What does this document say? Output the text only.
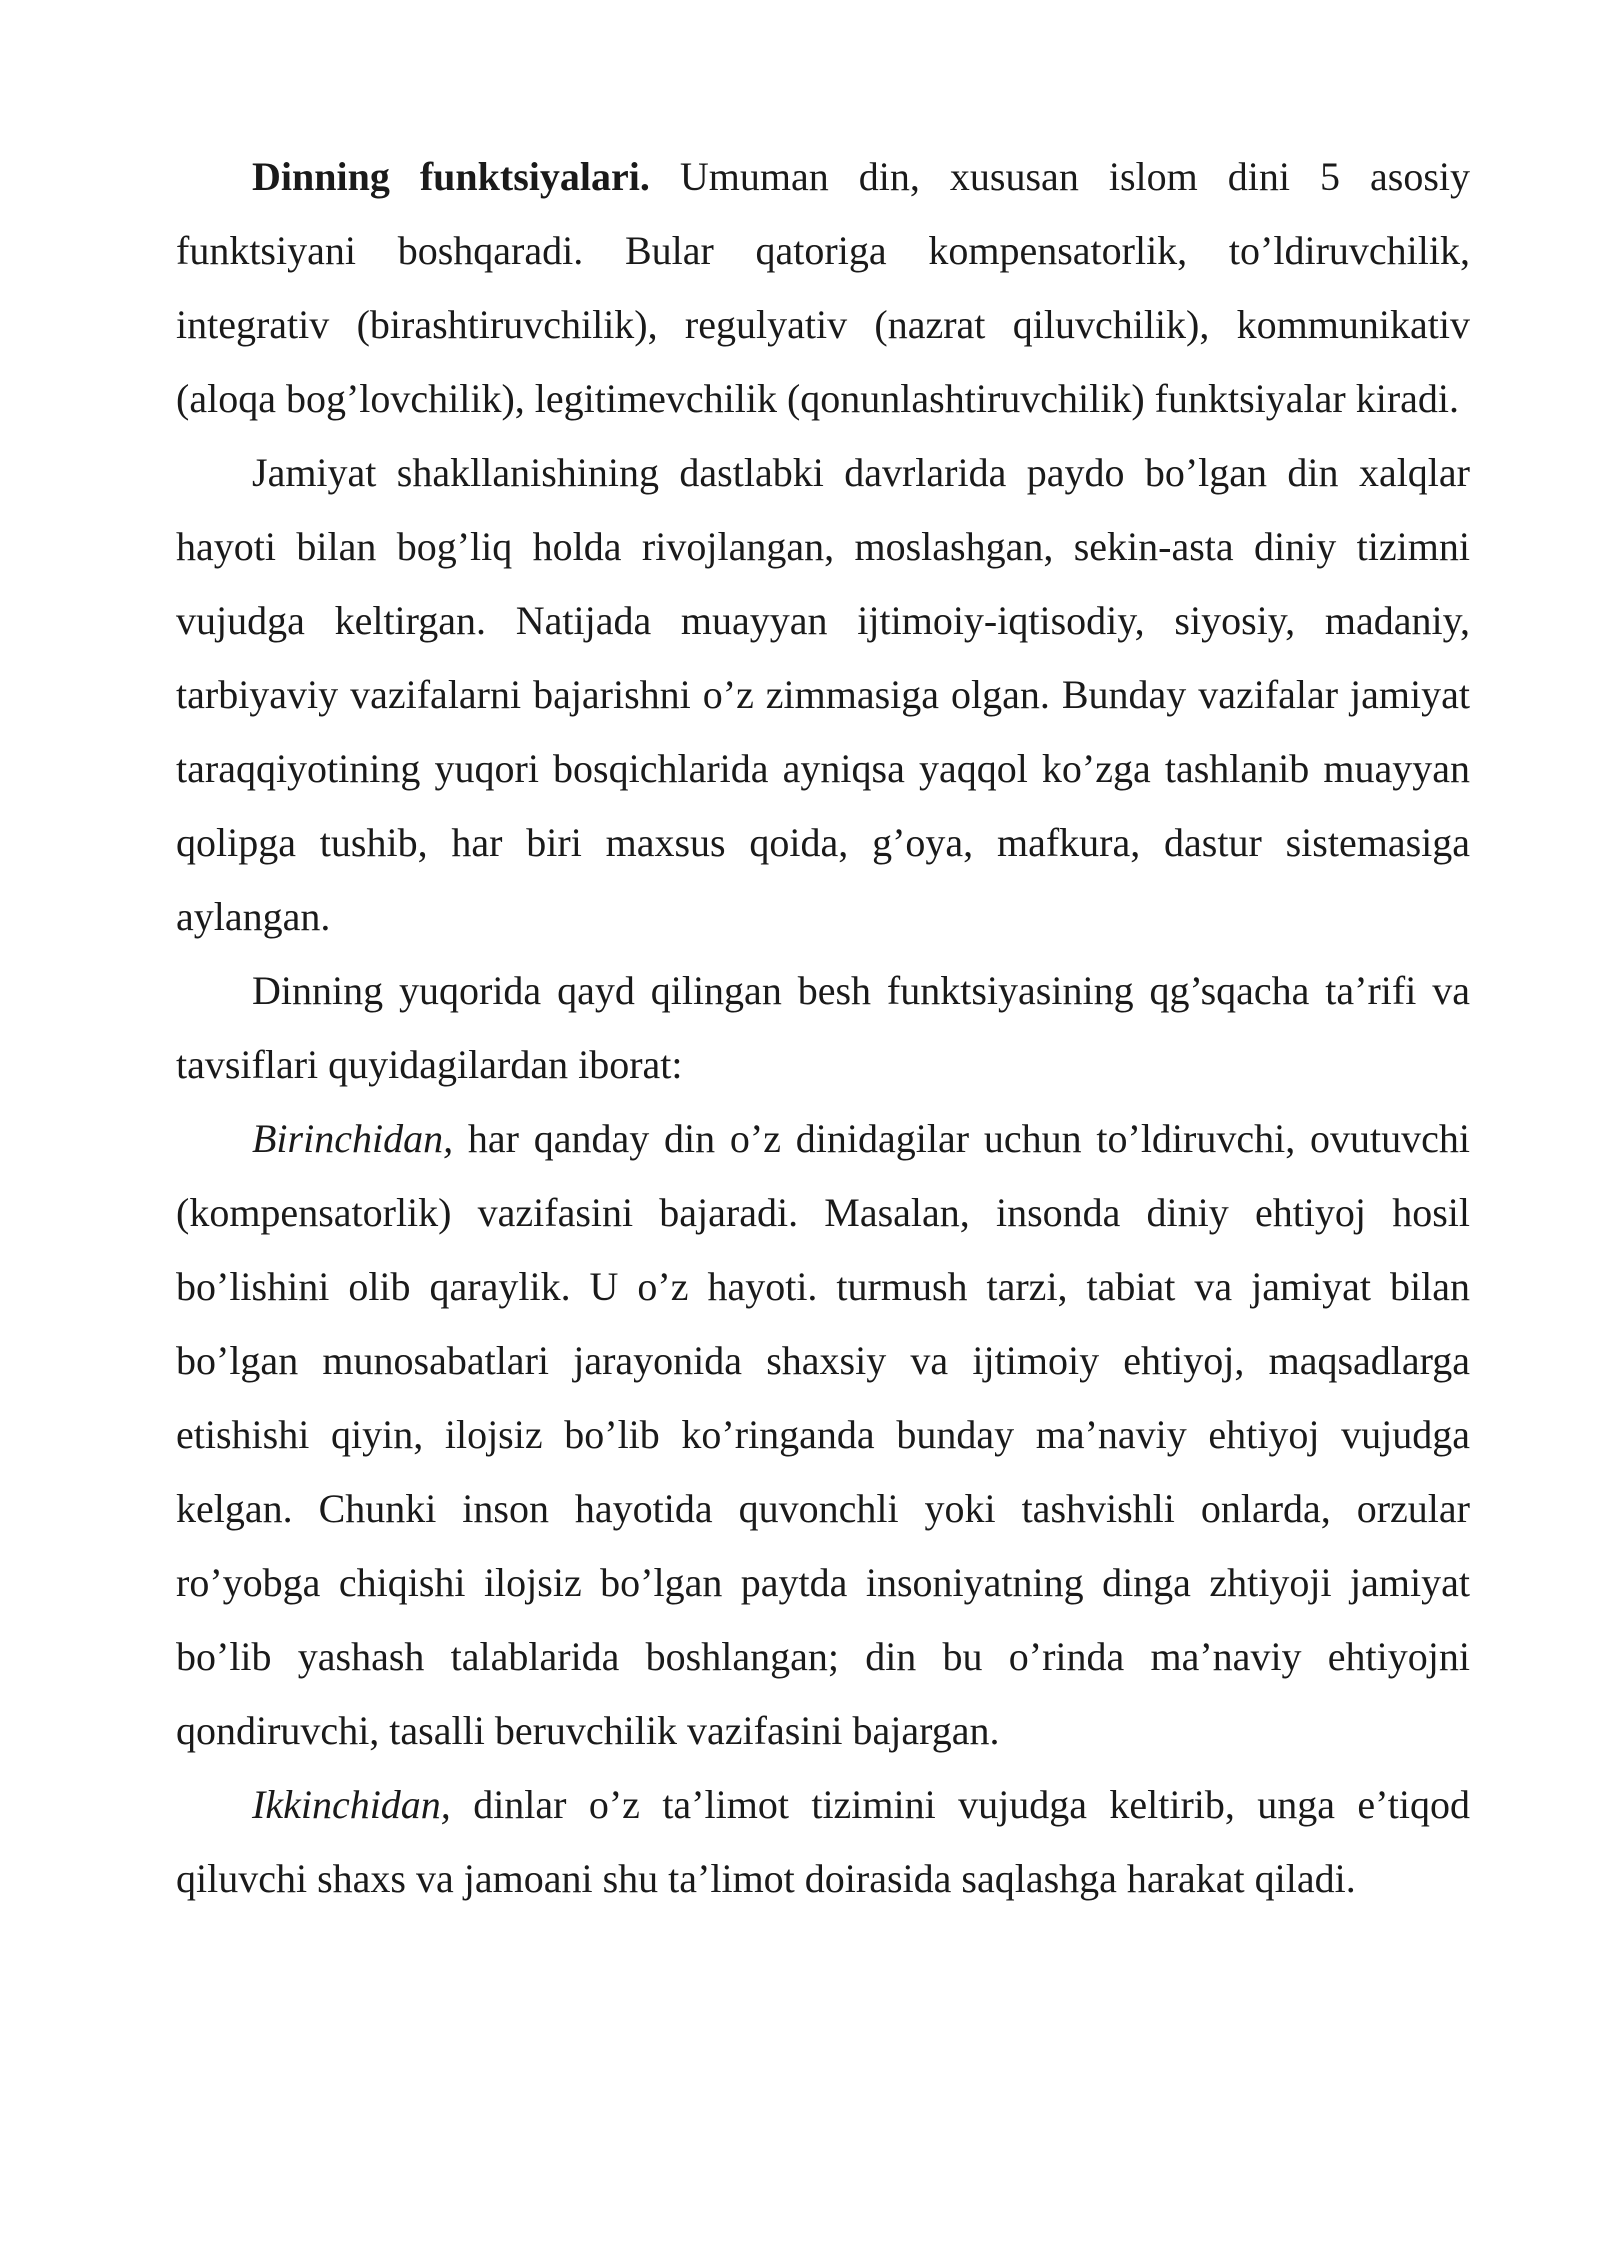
Dinning funktsiyalari. Umuman din, xususan islom dini 5 asosiy funktsiyani boshqaradi. Bular qatoriga kompensatorlik, to’ldiruvchilik, integrativ (birashtiruvchilik), regulyativ (nazrat qiluvchilik), kommunikativ (aloqa bog’lovchilik), legitimevchilik (qonunlashtiruvchilik) funktsiyalar kiradi.

Jamiyat shakllanishining dastlabki davrlarida paydo bo’lgan din xalqlar hayoti bilan bog’liq holda rivojlangan, moslashgan, sekin-asta diniy tizimni vujudga keltirgan. Natijada muayyan ijtimoiy-iqtisodiy, siyosiy, madaniy, tarbiyaviy vazifalarni bajarishni o’z zimmasiga olgan. Bunday vazifalar jamiyat taraqqiyotining yuqori bosqichlarida ayniqsa yaqqol ko’zga tashlanib muayyan qolipga tushib, har biri maxsus qoida, g’oya, mafkura, dastur sistemasiga aylangan.

Dinning yuqorida qayd qilingan besh funktsiyasining qg’sqacha ta’rifi va tavsiflari quyidagilardan iborat:

Birinchidan, har qanday din o’z dinidagilar uchun to’ldiruvchi, ovutuvchi (kompensatorlik) vazifasini bajaradi. Masalan, insonda diniy ehtiyoj hosil bo’lishini olib qaraylik. U o’z hayoti. turmush tarzi, tabiat va jamiyat bilan bo’lgan munosabatlari jarayonida shaxsiy va ijtimoiy ehtiyoj, maqsadlarga etishishi qiyin, ilojsiz bo’lib ko’ringanda bunday ma’naviy ehtiyoj vujudga kelgan. Chunki inson hayotida quvonchli yoki tashvishli onlarda, orzular ro’yobga chiqishi ilojsiz bo’lgan paytda insoniyatning dinga zhtiyoji jamiyat bo’lib yashash talablarida boshlangan; din bu o’rinda ma’naviy ehtiyojni qondiruvchi, tasalli beruvchilik vazifasini bajargan.

Ikkinchidan, dinlar o’z ta’limot tizimini vujudga keltirib, unga e’tiqod qiluvchi shaxs va jamoani shu ta’limot doirasida saqlashga harakat qiladi.
